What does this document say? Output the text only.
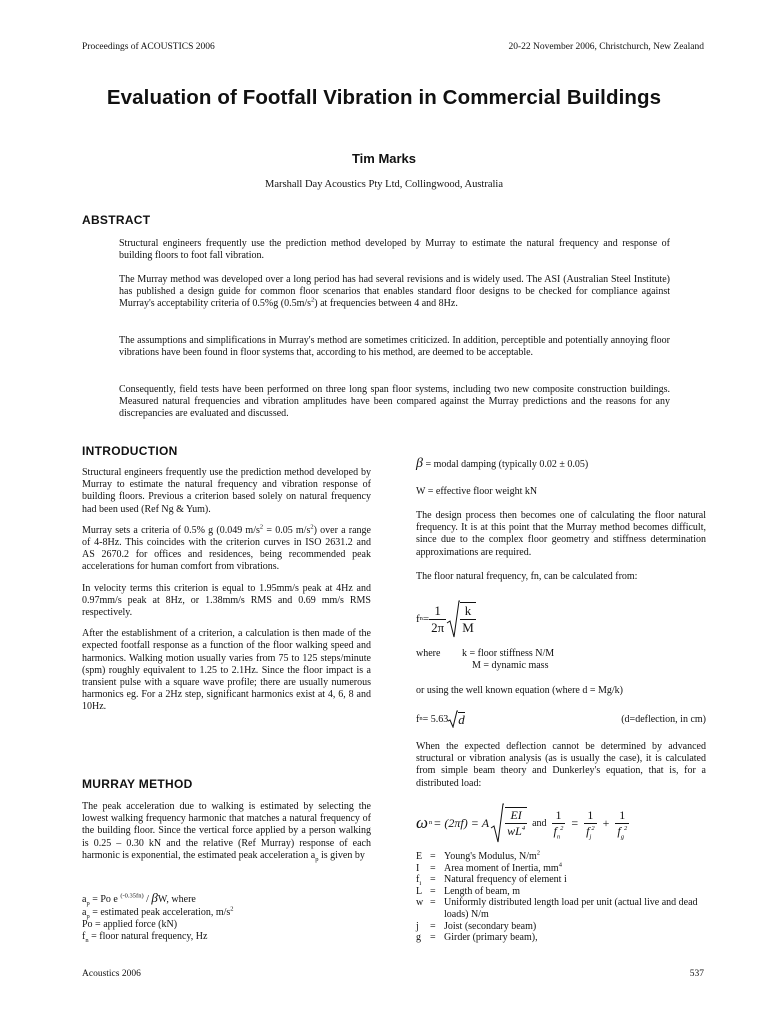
Proceedings of ACOUSTICS 2006	20-22 November 2006, Christchurch, New Zealand
Evaluation of Footfall Vibration in Commercial Buildings
Tim Marks
Marshall Day Acoustics Pty Ltd, Collingwood, Australia
ABSTRACT
Structural engineers frequently use the prediction method developed by Murray to estimate the natural frequency and response of building floors to foot fall vibration.
The Murray method was developed over a long period has had several revisions and is widely used. The ASI (Australian Steel Institute) has published a design guide for common floor scenarios that enables standard floor designs to be checked for compliance against Murray's acceptability criteria of 0.5%g $(0.5m/s^2)$ at frequencies between 4 and 8Hz.
The assumptions and simplifications in Murray's method are sometimes criticized. In addition, perceptible and potentially annoying floor vibrations have been found in floor systems that, according to his method, are deemed to be acceptable.
Consequently, field tests have been performed on three long span floor systems, including two new composite construction buildings. Measured natural frequencies and vibration amplitudes have been compared against the Murray predictions and the reasons for any discrepancies are evaluated and discussed.
INTRODUCTION

Structural engineers frequently use the prediction method developed by Murray to estimate the natural frequency and vibration response of building floors. Previous a criterion based solely on natural frequency had been used (Ref Ng & Yum).

Murray sets a criteria of 0.5% g (0.049 $m/s^2 = 0.05$ $m/s^2$) over a range of 4-8Hz. This coincides with the criterion curves in ISO 2631.2 and AS 2670.2 for offices and residences, being recommended peak accelerations for human comfort from vibrations.

In velocity terms this criterion is equal to 1.95mm/s peak at 4Hz and 0.97mm/s peak at 8Hz, or 1.38mm/s RMS and 0.69 mm/s RMS respectively.

After the establishment of a criterion, a calculation is then made of the expected footfall response as a function of the floor walking speed and harmonics. Walking motion usually varies from 75 to 125 steps/minute (spm) roughly equivalent to 1.25 to 2.1Hz. Since the floor impact is a transient pulse with a square wave profile; there are usually numerous harmonics eg. For a 2Hz step, significant harmonics exist at 4, 6, 8 and 10Hz.

MURRAY METHOD

The peak acceleration due to walking is estimated by selecting the lowest walking frequency harmonic that matches a natural frequency of the building floor. Since the vertical force applied by a person walking is 0.25 – 0.30 kN and the relative (Ref Murray) response of each harmonic is exponential, the estimated peak acceleration $a_p$ is given by

$a_p = Po$ e $^{(-0.35fn)}$ / βW, where
$a_p$ = estimated peak acceleration, $m/s^2$
Po = applied force (kN)
$f_n$ = floor natural frequency, Hz
β = modal damping (typically 0.02 ± 0.05)
W = effective floor weight kN

The design process then becomes one of calculating the floor natural frequency. It is at this point that the Murray method becomes difficult, since due to the complex floor geometry and stiffness determination approximations are required.

The floor natural frequency, fn, can be calculated from:

f $n = \frac{1}{2\pi} \frac{k}{M}$
where k = floor stiffness N/M
M = dynamic mass
or using the well known equation (where d = Mg/k)
f n = 5.63 d	(d=deflection, in cm)

When the expected deflection cannot be determined by advanced structural or vibration analysis (as is usually the case), it is calculated from simple beam theory and Dunkerley's equation, that is, for a distributed load:

ω n = (2πf) = A $\frac{EI}{wL^4}$ and $\frac{1}{f_n^2} = \frac{1}{f_j^2} + \frac{1}{f_g^2}$
E = Young's Modulus, $N/m^2$
I	= Area moment of Inertia, $mm^4$
$f_i$ = Natural frequency of element i
L = Length of beam, m
w = Uniformly distributed length load per unit (actual live and dead loads) N/m
j	= Joist (secondary beam)
g = Girder (primary beam),
Acoustics 2006	537
